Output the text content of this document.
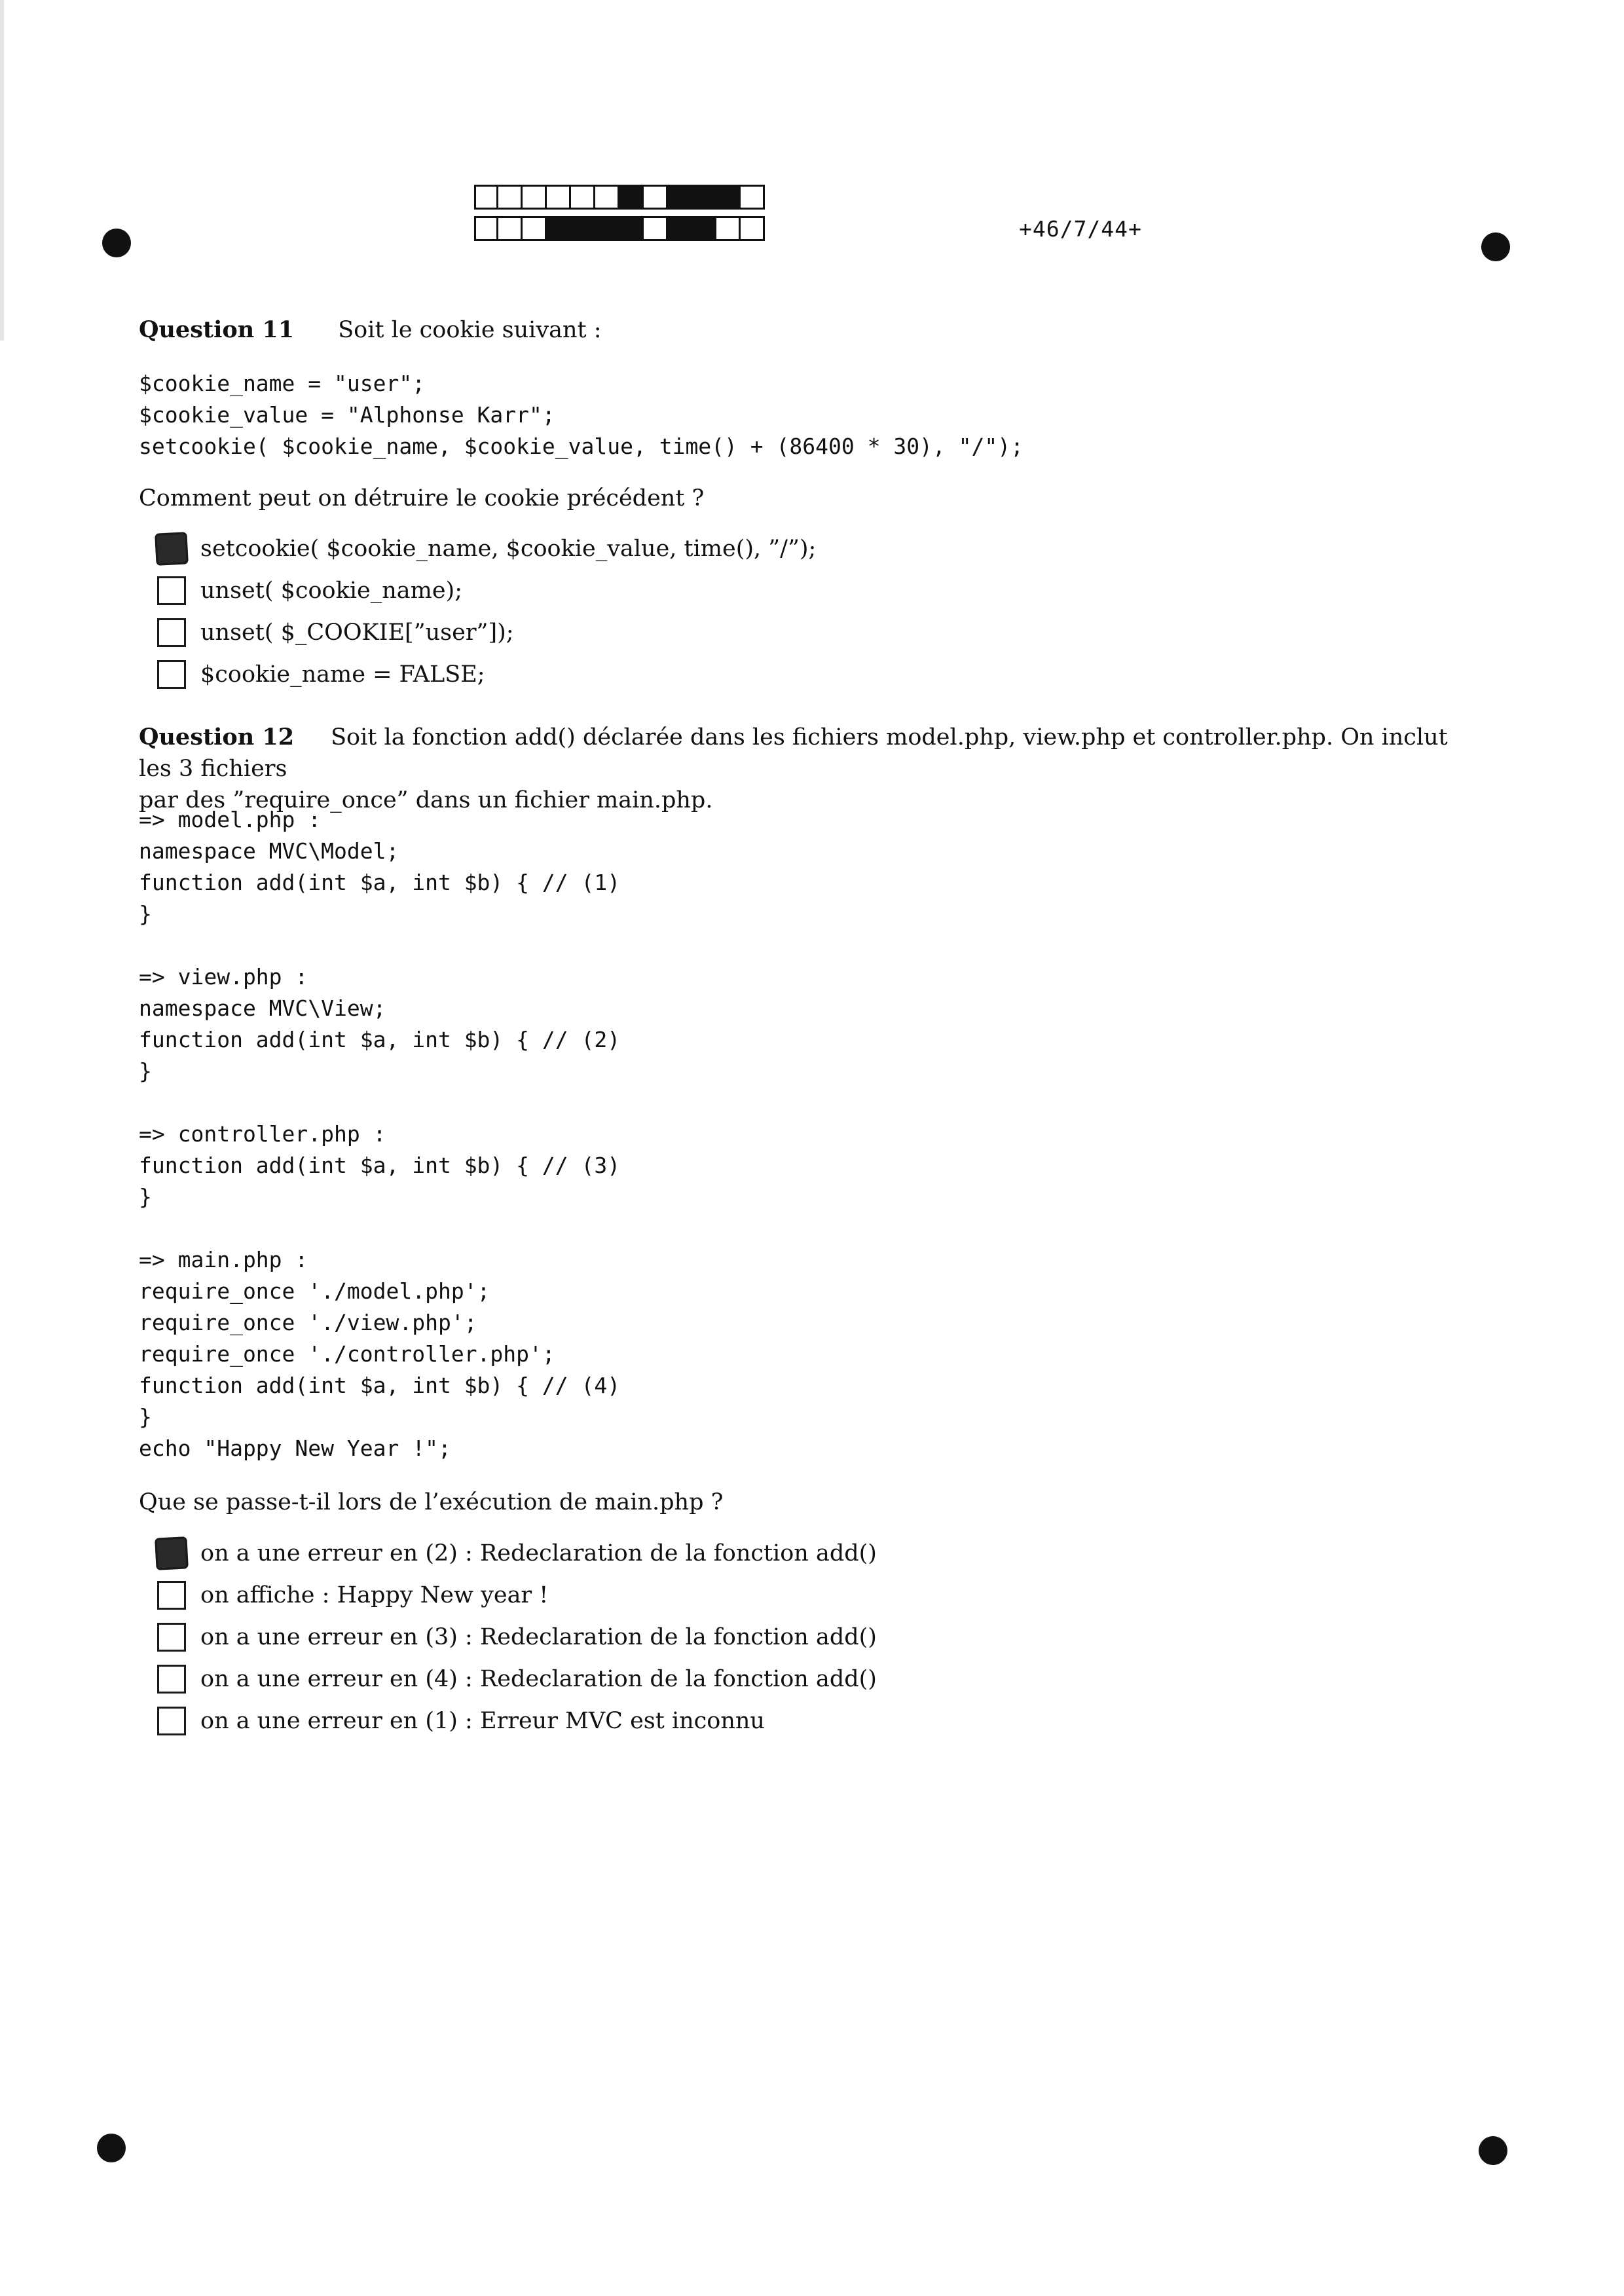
+46/7/44+
Question 11 Soit le cookie suivant :
$cookie_name = "user";
$cookie_value = "Alphonse Karr";
setcookie( $cookie_name, $cookie_value, time() + (86400 * 30), "/");
Comment peut on détruire le cookie précédent ?
setcookie( $cookie_name, $cookie_value, time(), ”/”);
unset( $cookie_name);
unset( $_COOKIE[”user”]);
$cookie_name = FALSE;
Question 12 Soit la fonction add() déclarée dans les fichiers model.php, view.php et controller.php. On inclut les 3 fichiers
par des ”require_once” dans un fichier main.php.
=> model.php :
namespace MVC\Model;
function add(int $a, int $b) { // (1)
}
=> view.php :
namespace MVC\View;
function add(int $a, int $b) { // (2)
}
=> controller.php :
function add(int $a, int $b) { // (3)
}
=> main.php :
require_once './model.php';
require_once './view.php';
require_once './controller.php';
function add(int $a, int $b) { // (4)
}
echo "Happy New Year !";
Que se passe-t-il lors de l’exécution de main.php ?
on a une erreur en (2) : Redeclaration de la fonction add()
on affiche : Happy New year !
on a une erreur en (3) : Redeclaration de la fonction add()
on a une erreur en (4) : Redeclaration de la fonction add()
on a une erreur en (1) : Erreur MVC est inconnu
